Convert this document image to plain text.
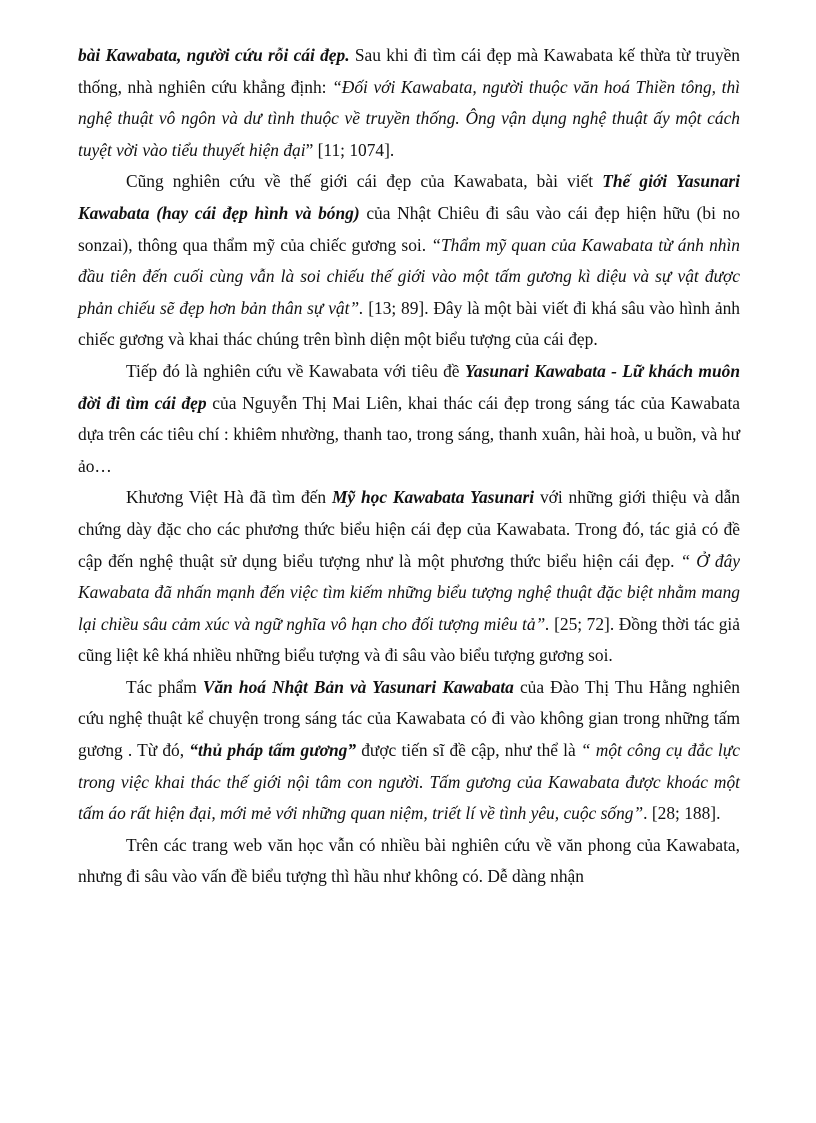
bài Kawabata, người cứu rỗi cái đẹp. Sau khi đi tìm cái đẹp mà Kawabata kế thừa từ truyền thống, nhà nghiên cứu khẳng định: “Đối với Kawabata, người thuộc văn hoá Thiền tông, thì nghệ thuật vô ngôn và dư tình thuộc về truyền thống. Ông vận dụng nghệ thuật ấy một cách tuyệt vời vào tiểu thuyết hiện đại” [11; 1074].

Cũng nghiên cứu về thế giới cái đẹp của Kawabata, bài viết Thế giới Yasunari Kawabata (hay cái đẹp hình và bóng) của Nhật Chiêu đi sâu vào cái đẹp hiện hữu (bi no sonzai), thông qua thẩm mỹ của chiếc gương soi. “Thẩm mỹ quan của Kawabata từ ánh nhìn đầu tiên đến cuối cùng vẫn là soi chiếu thế giới vào một tấm gương kì diệu và sự vật được phản chiếu sẽ đẹp hơn bản thân sự vật”. [13; 89]. Đây là một bài viết đi khá sâu vào hình ảnh chiếc gương và khai thác chúng trên bình diện một biểu tượng của cái đẹp.

Tiếp đó là nghiên cứu về Kawabata với tiêu đề Yasunari Kawabata - Lữ khách muôn đời đi tìm cái đẹp của Nguyễn Thị Mai Liên, khai thác cái đẹp trong sáng tác của Kawabata dựa trên các tiêu chí : khiêm nhường, thanh tao, trong sáng, thanh xuân, hài hoà, u buồn, và hư ảo…

Khương Việt Hà đã tìm đến Mỹ học Kawabata Yasunari với những giới thiệu và dẫn chứng dày đặc cho các phương thức biểu hiện cái đẹp của Kawabata. Trong đó, tác giả có đề cập đến nghệ thuật sử dụng biểu tượng như là một phương thức biểu hiện cái đẹp. “ Ở đây Kawabata đã nhấn mạnh đến việc tìm kiếm những biểu tượng nghệ thuật đặc biệt nhằm mang lại chiều sâu cảm xúc và ngữ nghĩa vô hạn cho đối tượng miêu tả”. [25; 72]. Đồng thời tác giả cũng liệt kê khá nhiều những biểu tượng và đi sâu vào biểu tượng gương soi.

Tác phẩm Văn hoá Nhật Bản và Yasunari Kawabata của Đào Thị Thu Hằng nghiên cứu nghệ thuật kể chuyện trong sáng tác của Kawabata có đi vào không gian trong những tấm gương . Từ đó, “thủ pháp tấm gương” được tiến sĩ đề cập, như thể là “ một công cụ đắc lực trong việc khai thác thế giới nội tâm con người. Tấm gương của Kawabata được khoác một tấm áo rất hiện đại, mới mẻ với những quan niệm, triết lí về tình yêu, cuộc sống”. [28; 188].

Trên các trang web văn học vẫn có nhiều bài nghiên cứu về văn phong của Kawabata, nhưng đi sâu vào vấn đề biểu tượng thì hầu như không có. Dễ dàng nhận
